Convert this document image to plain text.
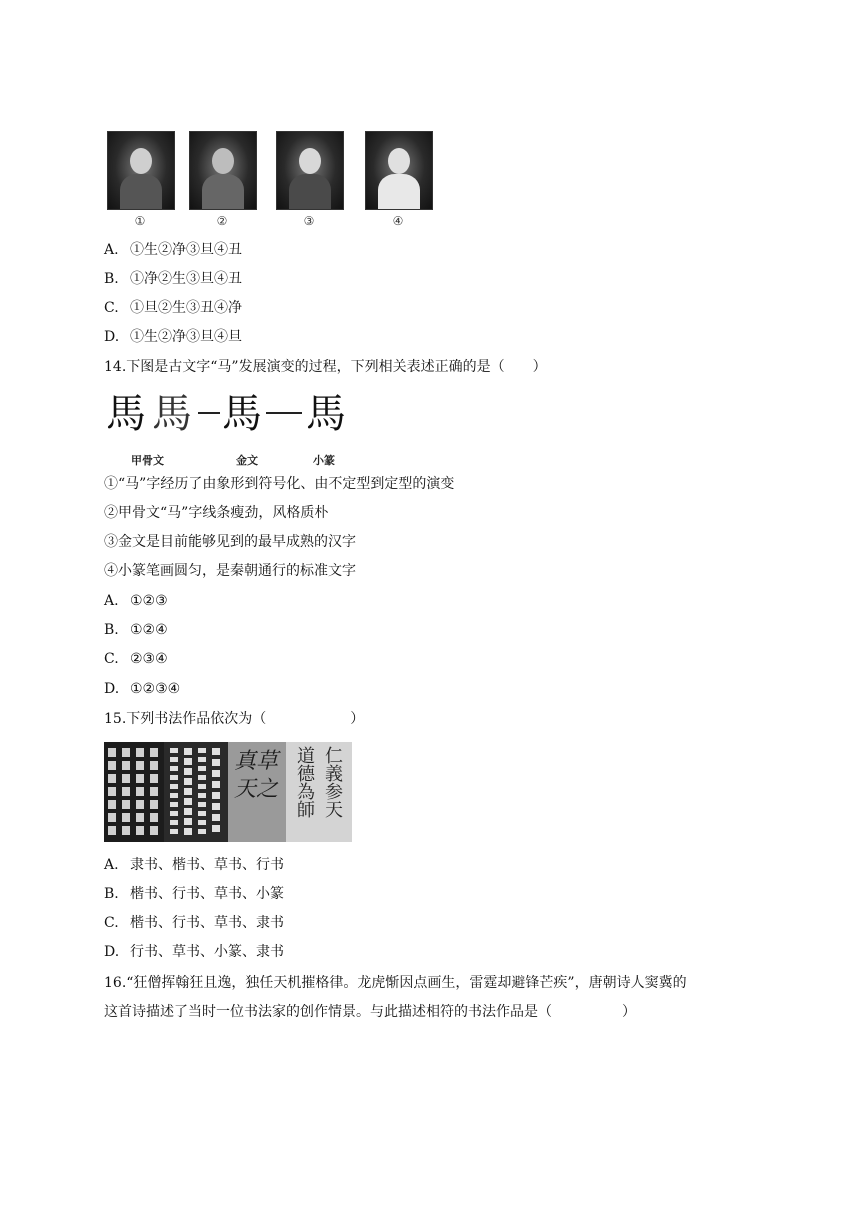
①	②	③	④
A. ①生②净③旦④丑
B. ①净②生③旦④丑
C. ①旦②生③丑④净
D. ①生②净③旦④旦
14.下图是古文字“马”发展演变的过程，下列相关表述正确的是（　　）
馬 馬 馬 馬
甲骨文	金文	小篆
①“马”字经历了由象形到符号化、由不定型到定型的演变
②甲骨文“马”字线条瘦劲，风格质朴
③金文是目前能够见到的最早成熟的汉字
④小篆笔画圆匀，是秦朝通行的标准文字
A. ①②③
B. ①②④
C. ②③④
D. ①②③④
15.下列书法作品依次为（　　　　　　）
真草
天之 仁義参天
道德為師
A. 隶书、楷书、草书、行书
B. 楷书、行书、草书、小篆
C. 楷书、行书、草书、隶书
D. 行书、草书、小篆、隶书
16.“狂僧挥翰狂且逸，独任天机摧格律。龙虎惭因点画生，雷霆却避锋芒疾”，唐朝诗人窦冀的
这首诗描述了当时一位书法家的创作情景。与此描述相符的书法作品是（　　　　　）
